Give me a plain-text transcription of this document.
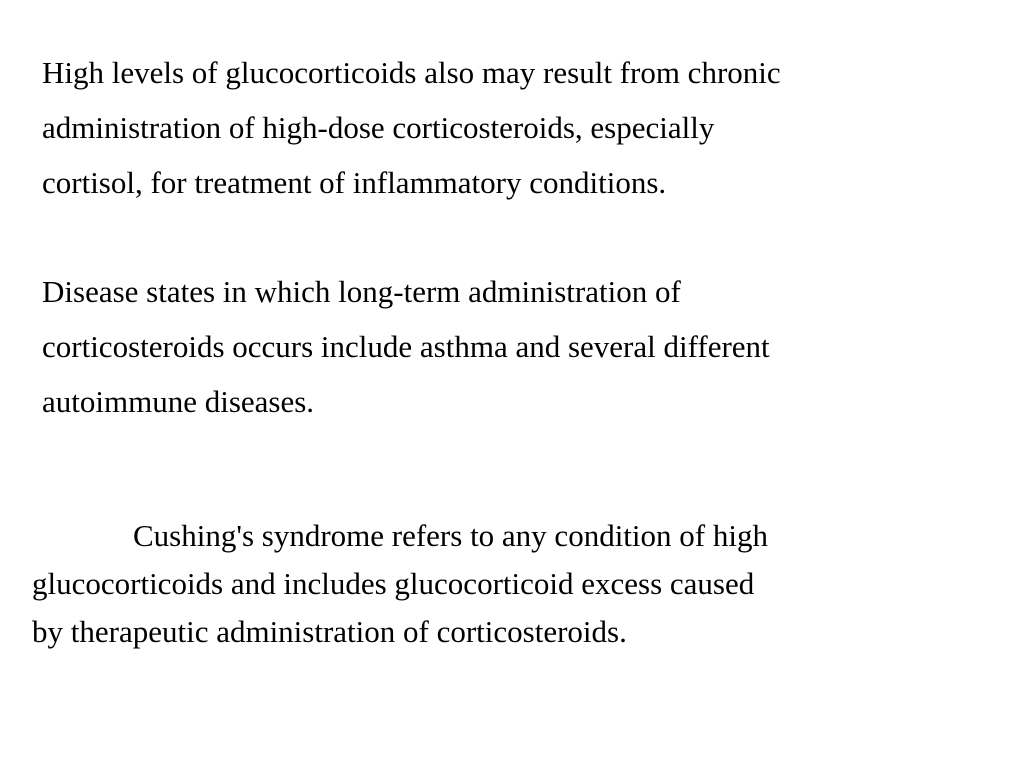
High levels of glucocorticoids also may result from chronic
administration of high-dose corticosteroids, especially
cortisol, for treatment of inflammatory conditions.

Disease states in which long-term administration of
corticosteroids occurs include asthma and several different
autoimmune diseases.

Cushing's syndrome refers to any condition of high
glucocorticoids and includes glucocorticoid excess caused
by therapeutic administration of corticosteroids.
